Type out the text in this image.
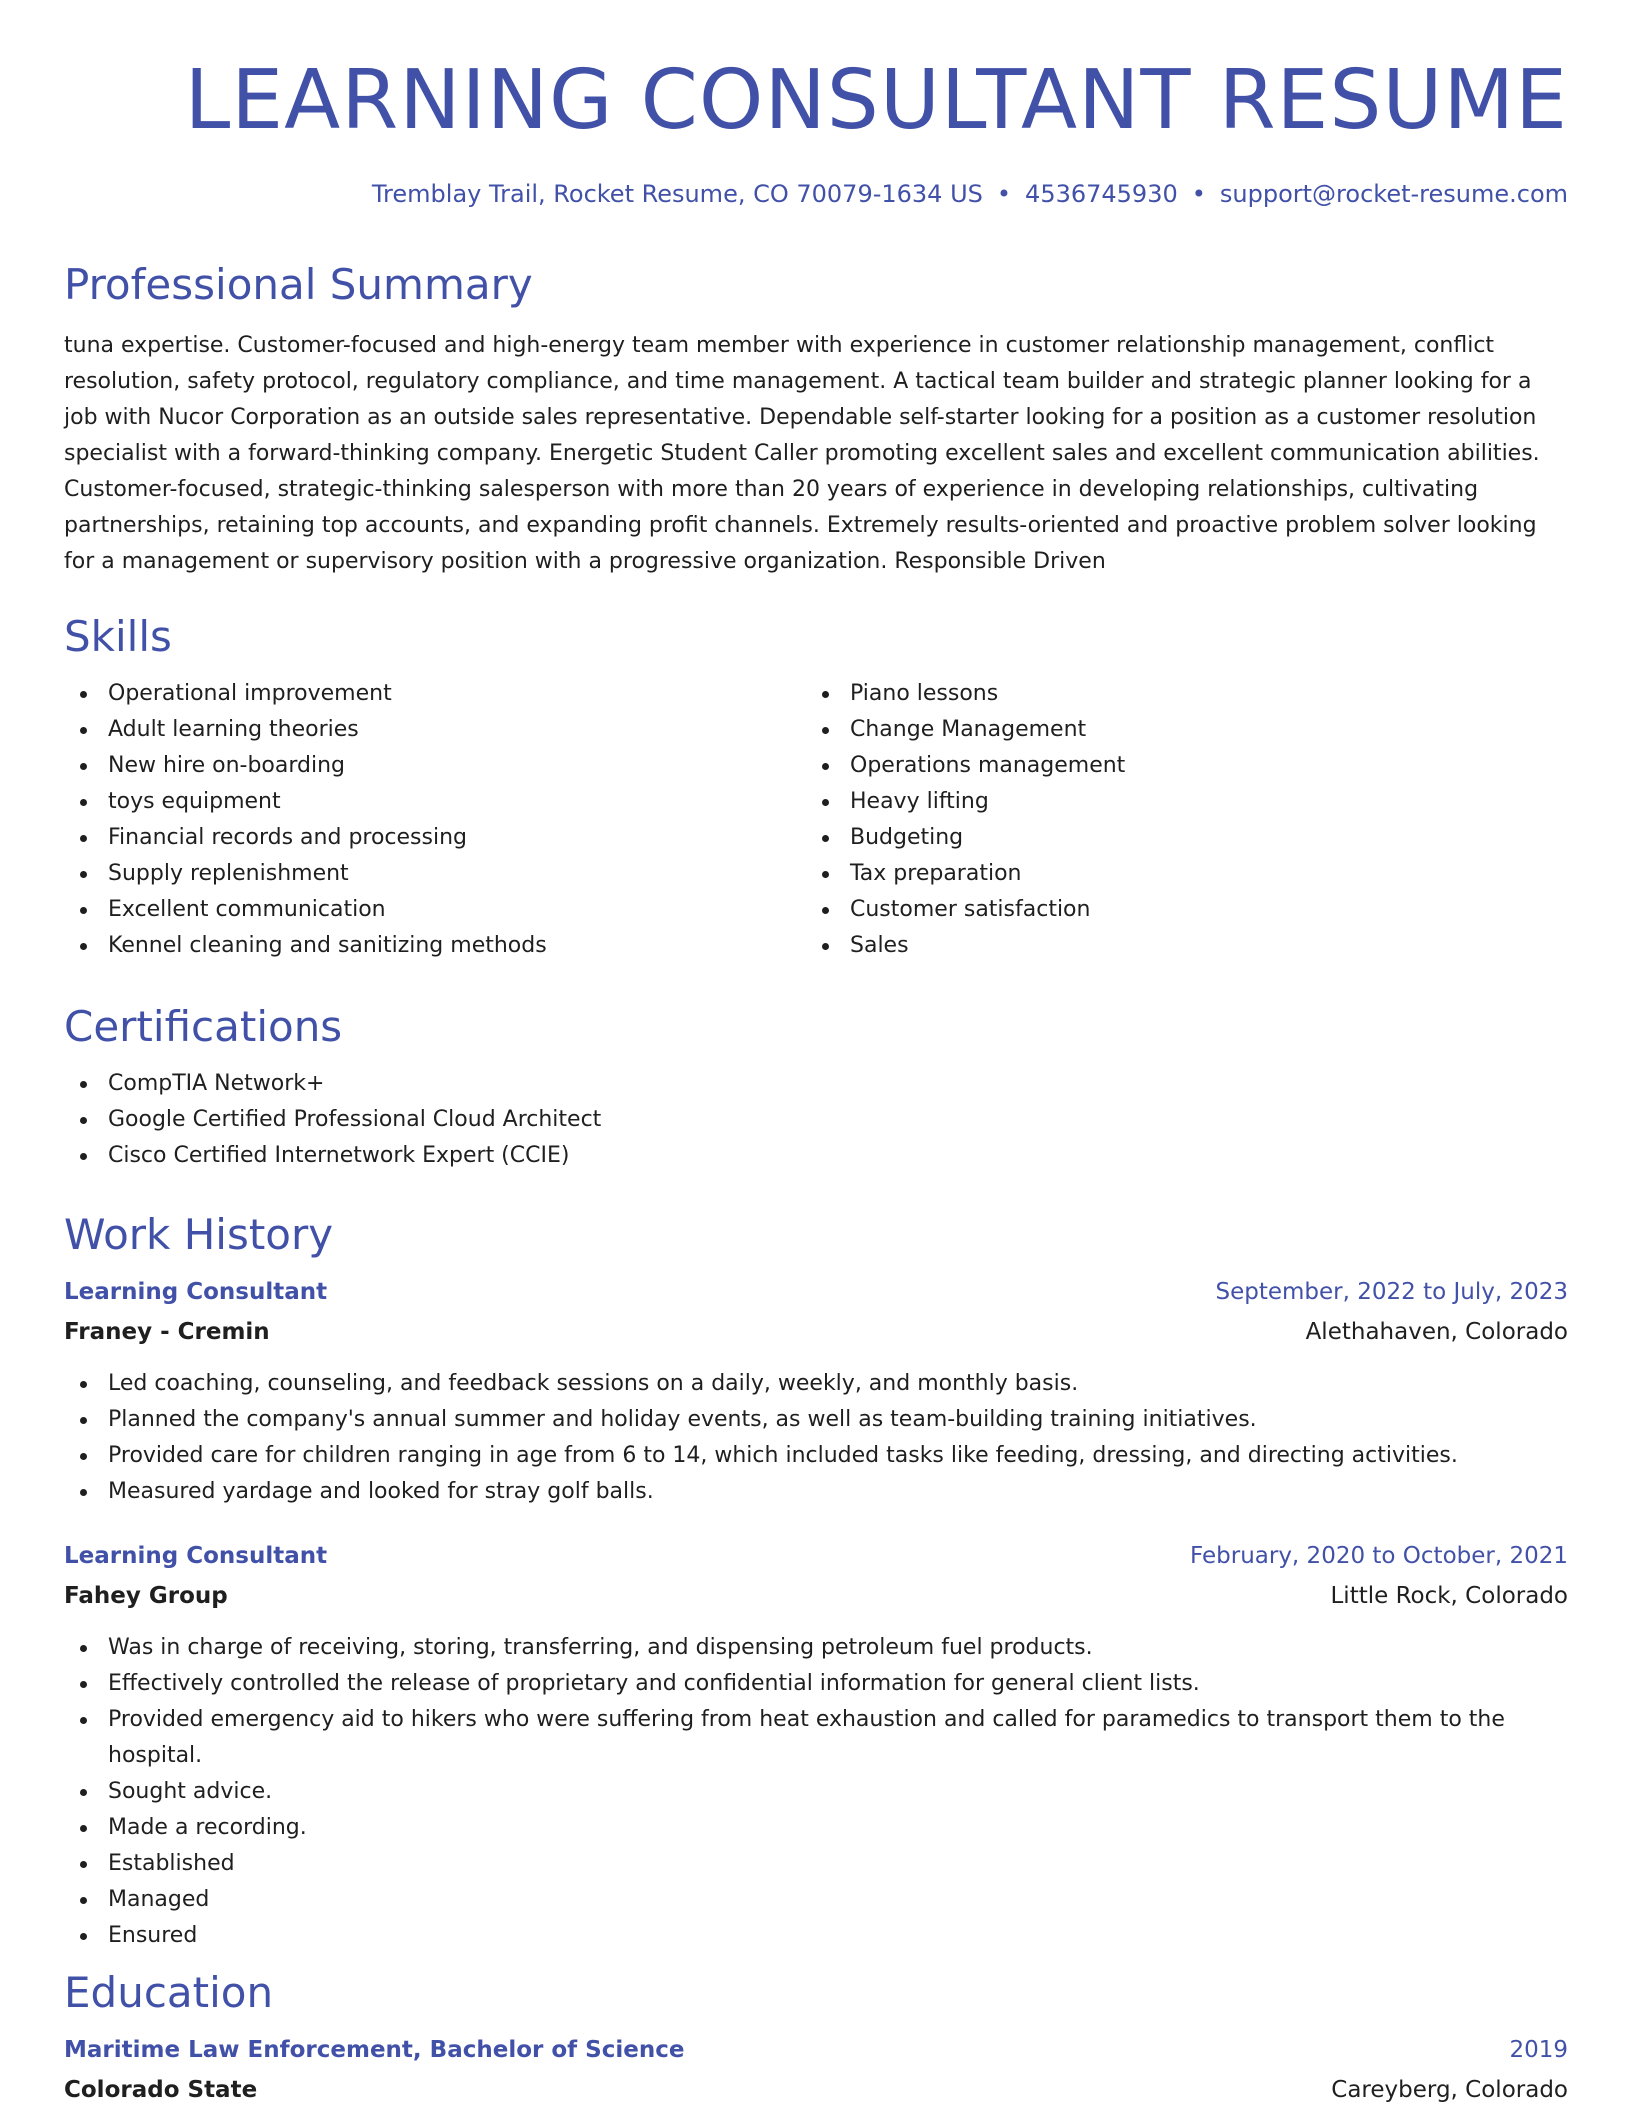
LEARNING CONSULTANT RESUME
Tremblay Trail, Rocket Resume, CO 70079-1634 US • 4536745930 • support@rocket-resume.com
Professional Summary

tuna expertise. Customer-focused and high-energy team member with experience in customer relationship management, conflict resolution, safety protocol, regulatory compliance, and time management. A tactical team builder and strategic planner looking for a job with Nucor Corporation as an outside sales representative. Dependable self-starter looking for a position as a customer resolution specialist with a forward-thinking company. Energetic Student Caller promoting excellent sales and excellent communication abilities. Customer-focused, strategic-thinking salesperson with more than 20 years of experience in developing relationships, cultivating partnerships, retaining top accounts, and expanding profit channels. Extremely results-oriented and proactive problem solver looking for a management or supervisory position with a progressive organization. Responsible Driven

Skills
Operational improvement
Adult learning theories
New hire on-boarding
toys equipment
Financial records and processing
Supply replenishment
Excellent communication
Kennel cleaning and sanitizing methods
Piano lessons
Change Management
Operations management
Heavy lifting
Budgeting
Tax preparation
Customer satisfaction
Sales
Certifications
CompTIA Network+
Google Certified Professional Cloud Architect
Cisco Certified Internetwork Expert (CCIE)
Work History
Learning Consultant	September, 2022 to July, 2023
Franey - Cremin	Alethahaven, Colorado
Led coaching, counseling, and feedback sessions on a daily, weekly, and monthly basis.
Planned the company's annual summer and holiday events, as well as team-building training initiatives.
Provided care for children ranging in age from 6 to 14, which included tasks like feeding, dressing, and directing activities.
Measured yardage and looked for stray golf balls.
Learning Consultant	February, 2020 to October, 2021
Fahey Group	Little Rock, Colorado
Was in charge of receiving, storing, transferring, and dispensing petroleum fuel products.
Effectively controlled the release of proprietary and confidential information for general client lists.
Provided emergency aid to hikers who were suffering from heat exhaustion and called for paramedics to transport them to the hospital.
Sought advice.
Made a recording.
Established
Managed
Ensured
Education
Maritime Law Enforcement, Bachelor of Science	2019
Colorado State	Careyberg, Colorado
